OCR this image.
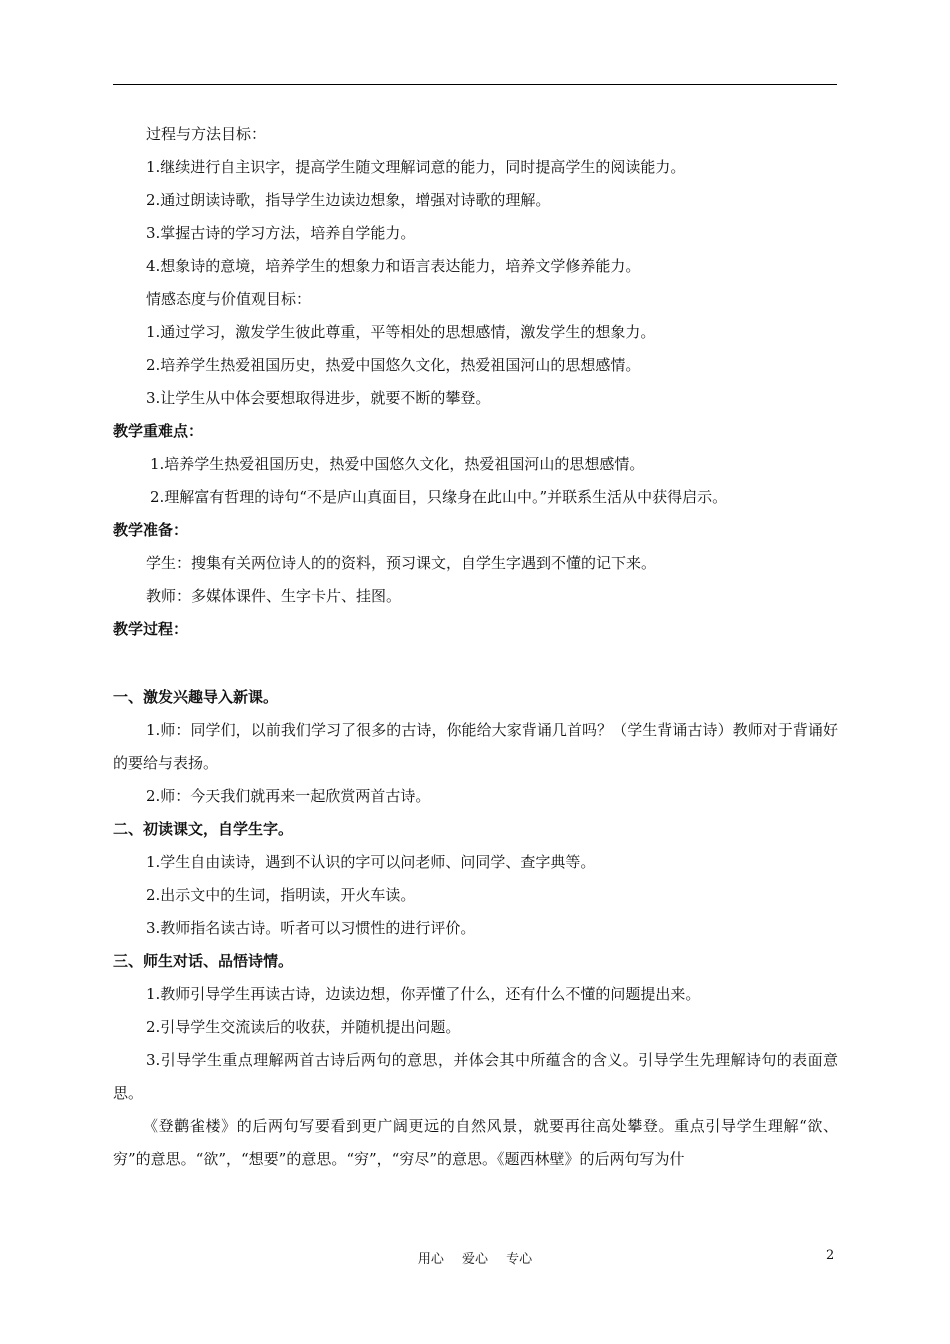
过程与方法目标：
1.继续进行自主识字，提高学生随文理解词意的能力，同时提高学生的阅读能力。
2.通过朗读诗歌，指导学生边读边想象，增强对诗歌的理解。
3.掌握古诗的学习方法，培养自学能力。
4.想象诗的意境，培养学生的想象力和语言表达能力，培养文学修养能力。
情感态度与价值观目标：
1.通过学习，激发学生彼此尊重，平等相处的思想感情，激发学生的想象力。
2.培养学生热爱祖国历史，热爱中国悠久文化，热爱祖国河山的思想感情。
3.让学生从中体会要想取得进步，就要不断的攀登。
教学重难点：
1.培养学生热爱祖国历史，热爱中国悠久文化，热爱祖国河山的思想感情。
2.理解富有哲理的诗句“不是庐山真面目，只缘身在此山中。”并联系生活从中获得启示。
教学准备：
学生：搜集有关两位诗人的的资料，预习课文，自学生字遇到不懂的记下来。
教师：多媒体课件、生字卡片、挂图。
教学过程：
一、激发兴趣导入新课。
1.师：同学们，以前我们学习了很多的古诗，你能给大家背诵几首吗？（学生背诵古诗）教师对于背诵好的要给与表扬。
2.师：今天我们就再来一起欣赏两首古诗。
二、初读课文，自学生字。
1.学生自由读诗，遇到不认识的字可以问老师、问同学、查字典等。
2.出示文中的生词，指明读，开火车读。
3.教师指名读古诗。听者可以习惯性的进行评价。
三、师生对话、品悟诗情。
1.教师引导学生再读古诗，边读边想，你弄懂了什么，还有什么不懂的问题提出来。
2.引导学生交流读后的收获，并随机提出问题。
3.引导学生重点理解两首古诗后两句的意思，并体会其中所蕴含的含义。引导学生先理解诗句的表面意思。
《登鹳雀楼》的后两句写要看到更广阔更远的自然风景，就要再往高处攀登。重点引导学生理解“欲、穷”的意思。“欲”，“想要”的意思。“穷”，“穷尽”的意思。《题西林壁》的后两句写为什
用心 爱心 专心	2
